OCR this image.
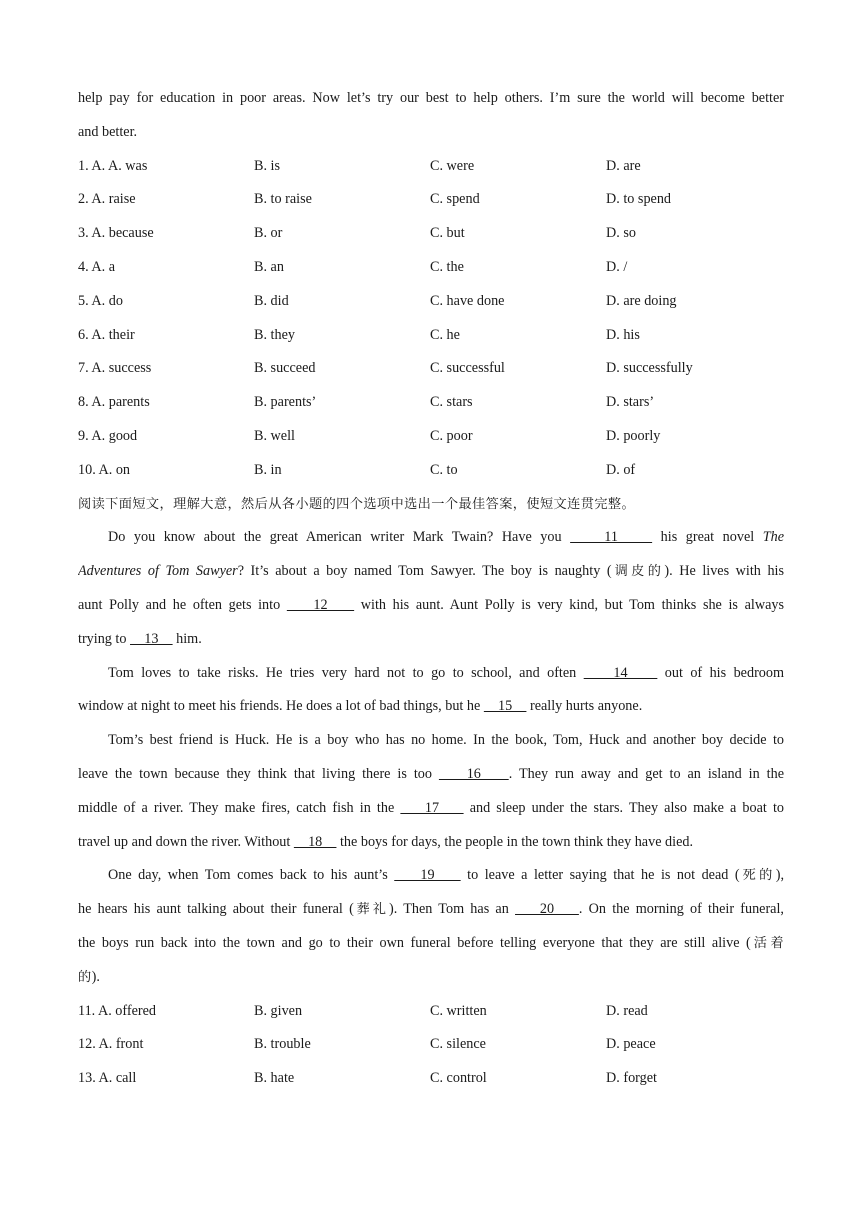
help pay for education in poor areas. Now let’s try our best to help others. I’m sure the world will become better
and better.
1. A. A. was	B. is	C. were	D. are
2. A. raise	B. to raise	C. spend	D. to spend
3. A. because	B. or	C. but	D. so
4. A. a	B. an	C. the	D. /
5. A. do	B. did	C. have done	D. are doing
6. A. their	B. they	C. he	D. his
7. A. success	B. succeed	C. successful	D. successfully
8. A. parents	B. parents’	C. stars	D. stars’
9. A. good	B. well	C. poor	D. poorly
10. A. on	B. in	C. to	D. of
阅读下面短文，理解大意，然后从各小题的四个选项中选出一个最佳答案，使短文连贯完整。
Do you know about the great American writer Mark Twain? Have you     11     his great novel The
Adventures of Tom Sawyer? It’s about a boy named Tom Sawyer. The boy is naughty (调皮的). He lives with his
aunt Polly and he often gets into     12     with his aunt. Aunt Polly is very kind, but Tom thinks she is always
trying to     13     him.
Tom loves to take risks. He tries very hard not to go to school, and often     14     out of his bedroom
window at night to meet his friends. He does a lot of bad things, but he     15     really hurts anyone.
Tom’s best friend is Huck. He is a boy who has no home. In the book, Tom, Huck and another boy decide to
leave the town because they think that living there is too     16    . They run away and get to an island in the
middle of a river. They make fires, catch fish in the     17     and sleep under the stars. They also make a boat to
travel up and down the river. Without     18     the boys for days, the people in the town think they have died.
One day, when Tom comes back to his aunt’s     19     to leave a letter saying that he is not dead (死的),
he hears his aunt talking about their funeral (葬礼). Then Tom has an     20    . On the morning of their funeral,
the boys run back into the town and go to their own funeral before telling everyone that they are still alive (活着
的).
11. A. offered	B. given	C. written	D. read
12. A. front	B. trouble	C. silence	D. peace
13. A. call	B. hate	C. control	D. forget
